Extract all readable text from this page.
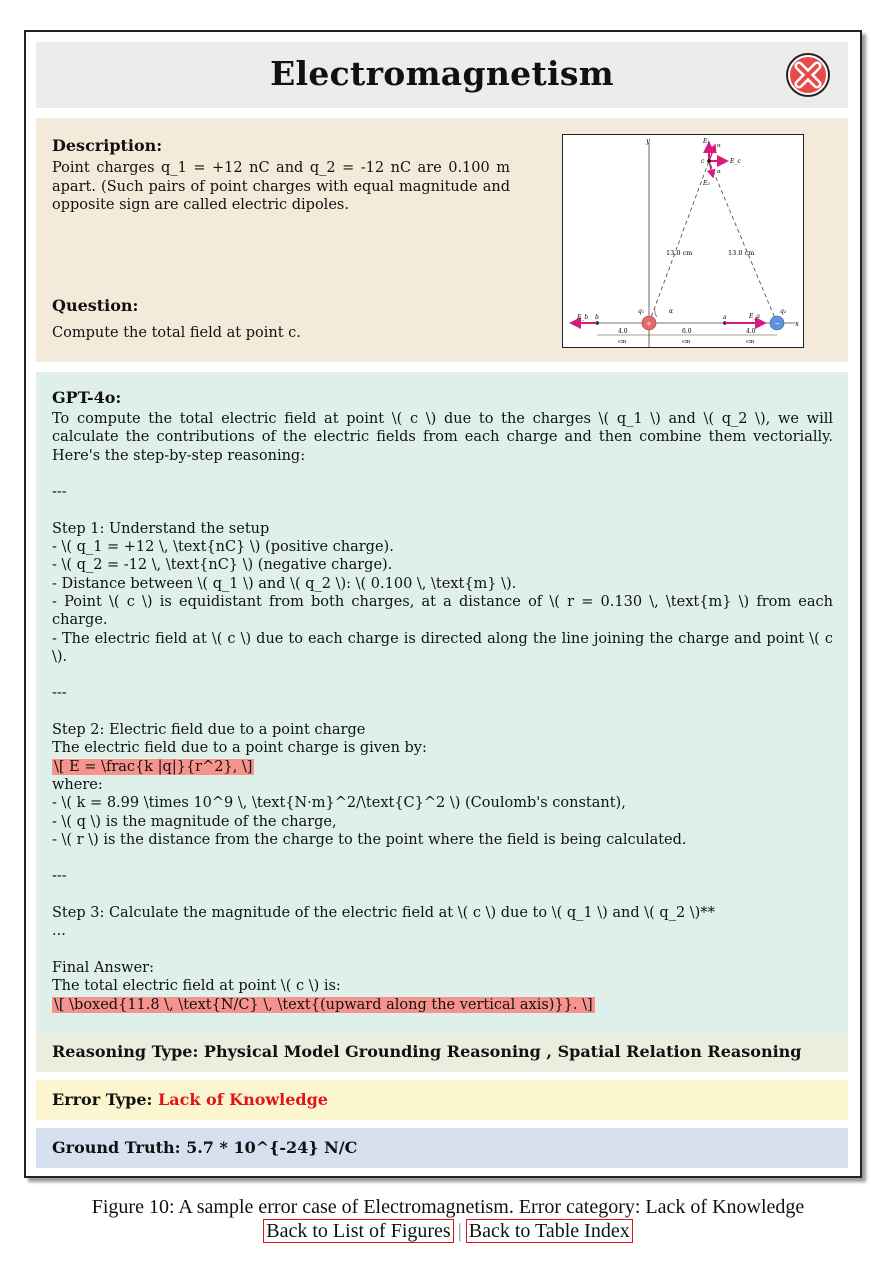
Electromagnetism
Description:
Point charges q_1 = +12 nC and q_2 = -12 nC are 0.100 m apart. (Such pairs of point charges with equal magnitude and opposite sign are called electric dipoles.
Question:
Compute the total field at point c.
y
x
13.0 cm	13.0 cm
E₁
E₂
E_c
c
α
α
+	−
q₁	q₂
α
b
E_b	a	E_a
4.0
cm
6.0
cm
4.0
cm
GPT-4o:

To compute the total electric field at point \( c \) due to the charges \( q_1 \) and \( q_2 \), we will calculate the contributions of the electric fields from each charge and then combine them vectorially. Here's the step-by-step reasoning:

---

Step 1: Understand the setup

- \( q_1 = +12 \, \text{nC} \) (positive charge).

- \( q_2 = -12 \, \text{nC} \) (negative charge).

- Distance between \( q_1 \) and \( q_2 \): \( 0.100 \, \text{m} \).

- Point \( c \) is equidistant from both charges, at a distance of \( r = 0.130 \, \text{m} \) from each charge.

- The electric field at \( c \) due to each charge is directed along the line joining the charge and point \( c \).

---

Step 2: Electric field due to a point charge

The electric field due to a point charge is given by:

\[ E = \frac{k |q|}{r^2}, \]

where:

- \( k = 8.99 \times 10^9 \, \text{N·m}^2/\text{C}^2 \) (Coulomb's constant),

- \( q \) is the magnitude of the charge,

- \( r \) is the distance from the charge to the point where the field is being calculated.

---

Step 3: Calculate the magnitude of the electric field at \( c \) due to \( q_1 \) and \( q_2 \)**

...

Final Answer:

The total electric field at point \( c \) is:

\[ \boxed{11.8 \, \text{N/C} \, \text{(upward along the vertical axis)}}. \]

Reasoning Type: Physical Model Grounding Reasoning , Spatial Relation Reasoning
Error Type: Lack of Knowledge
Ground Truth: 5.7 * 10^{-24} N/C
Figure 10: A sample error case of Electromagnetism. Error category: Lack of Knowledge
Back to List of Figures | Back to Table Index
